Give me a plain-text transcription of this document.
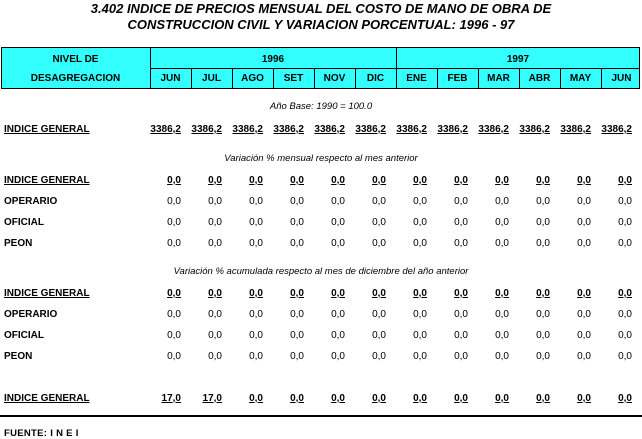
3.402 INDICE DE PRECIOS MENSUAL DEL COSTO DE MANO DE OBRA DE
CONSTRUCCION CIVIL Y VARIACION PORCENTUAL: 1996 - 97
NIVEL DE
DESAGREGACION
1996	1997
JUN	JUL	AGO	SET	NOV	DIC	ENE	FEB	MAR	ABR	MAY	JUN
Año Base: 1990 = 100.0
INDICE GENERAL	3386,2	3386,2	3386,2	3386,2	3386,2	3386,2	3386,2	3386,2	3386,2	3386,2	3386,2	3386,2
INDICE GENERAL	0,0	0,0	0,0	0,0	0,0	0,0	0,0	0,0	0,0	0,0	0,0	0,0
OPERARIO	0,0	0,0	0,0	0,0	0,0	0,0	0,0	0,0	0,0	0,0	0,0	0,0
OFICIAL	0,0	0,0	0,0	0,0	0,0	0,0	0,0	0,0	0,0	0,0	0,0	0,0
PEON	0,0	0,0	0,0	0,0	0,0	0,0	0,0	0,0	0,0	0,0	0,0	0,0
INDICE GENERAL	0,0	0,0	0,0	0,0	0,0	0,0	0,0	0,0	0,0	0,0	0,0	0,0
OPERARIO	0,0	0,0	0,0	0,0	0,0	0,0	0,0	0,0	0,0	0,0	0,0	0,0
OFICIAL	0,0	0,0	0,0	0,0	0,0	0,0	0,0	0,0	0,0	0,0	0,0	0,0
PEON	0,0	0,0	0,0	0,0	0,0	0,0	0,0	0,0	0,0	0,0	0,0	0,0
INDICE GENERAL	17,0	17,0	0,0	0,0	0,0	0,0	0,0	0,0	0,0	0,0	0,0	0,0
Variación % mensual respecto al mes anterior
Variación % acumulada respecto al mes de diciembre del año anterior
FUENTE: I N E I
